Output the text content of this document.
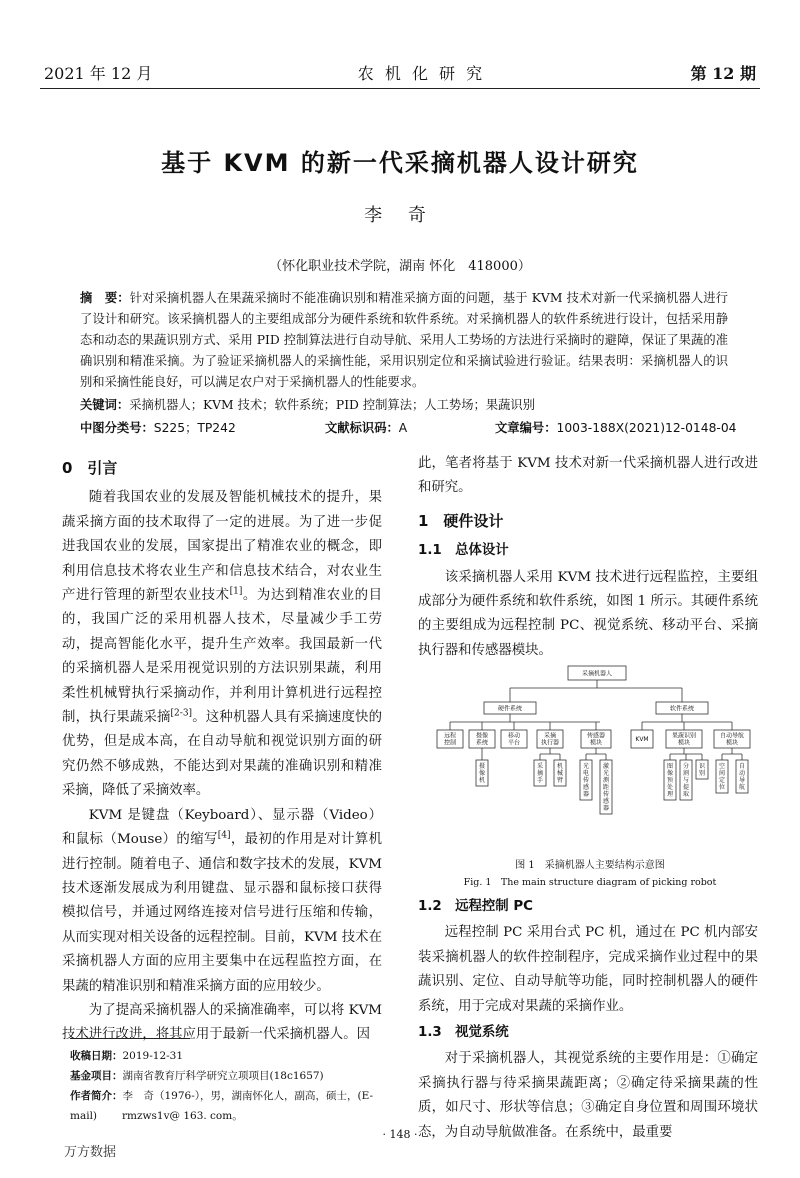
2021 年 12 月	农 机 化 研 究	第 12 期
基于 KVM 的新一代采摘机器人设计研究
李 奇
（怀化职业技术学院，湖南 怀化　418000）
摘　要：针对采摘机器人在果蔬采摘时不能准确识别和精准采摘方面的问题，基于 KVM 技术对新一代采摘机器人进行了设计和研究。该采摘机器人的主要组成部分为硬件系统和软件系统。对采摘机器人的软件系统进行设计，包括采用静态和动态的果蔬识别方式、采用 PID 控制算法进行自动导航、采用人工势场的方法进行采摘时的避障，保证了果蔬的准确识别和精准采摘。为了验证采摘机器人的采摘性能，采用识别定位和采摘试验进行验证。结果表明：采摘机器人的识别和采摘性能良好，可以满足农户对于采摘机器人的性能要求。
关键词：采摘机器人；KVM 技术；软件系统；PID 控制算法；人工势场；果蔬识别
中图分类号：S225；TP242	文献标识码：A	文章编号：1003-188X(2021)12-0148-04
0　引言

随着我国农业的发展及智能机械技术的提升，果蔬采摘方面的技术取得了一定的进展。为了进一步促进我国农业的发展，国家提出了精准农业的概念，即利用信息技术将农业生产和信息技术结合，对农业生产进行管理的新型农业技术[1]。为达到精准农业的目的，我国广泛的采用机器人技术，尽量减少手工劳动，提高智能化水平，提升生产效率。我国最新一代的采摘机器人是采用视觉识别的方法识别果蔬，利用柔性机械臂执行采摘动作，并利用计算机进行远程控制，执行果蔬采摘[2-3]。这种机器人具有采摘速度快的优势，但是成本高，在自动导航和视觉识别方面的研究仍然不够成熟，不能达到对果蔬的准确识别和精准采摘，降低了采摘效率。

KVM 是键盘（Keyboard）、显示器（Video）和鼠标（Mouse）的缩写[4]，最初的作用是对计算机进行控制。随着电子、通信和数字技术的发展，KVM 技术逐渐发展成为利用键盘、显示器和鼠标接口获得模拟信号，并通过网络连接对信号进行压缩和传输，从而实现对相关设备的远程控制。目前，KVM 技术在采摘机器人方面的应用主要集中在远程监控方面，在果蔬的精准识别和精准采摘方面的应用较少。

为了提高采摘机器人的采摘准确率，可以将 KVM 技术进行改进，将其应用于最新一代采摘机器人。因

此，笔者将基于 KVM 技术对新一代采摘机器人进行改进和研究。

1　硬件设计
1.1　总体设计

该采摘机器人采用 KVM 技术进行远程监控，主要组成部分为硬件系统和软件系统，如图 1 所示。其硬件系统的主要组成为远程控制 PC、视觉系统、移动平台、采摘执行器和传感器模块。

采摘机器人
硬件系统	软件系统
远程
控制
摄像
系统
移动
平台
采摘
执行器
传感器
模块	KVM	果蔬识别
模块
自动导航
模块
摄
像
机
采
摘
手
机
械
臂
光
电
传
感
器
激
光
测
距
传
感
器
图
像
预
处
理
分
割
与
提
取
识
别
空
间
定
位
自
动
导
航
图 1　采摘机器人主要结构示意图
Fig. 1　The main structure diagram of picking robot
1.2　远程控制 PC

远程控制 PC 采用台式 PC 机，通过在 PC 机内部安装采摘机器人的软件控制程序，完成采摘作业过程中的果蔬识别、定位、自动导航等功能，同时控制机器人的硬件系统，用于完成对果蔬的采摘作业。

1.3　视觉系统

对于采摘机器人，其视觉系统的主要作用是：①确定采摘执行器与待采摘果蔬距离；②确定待采摘果蔬的性质，如尺寸、形状等信息；③确定自身位置和周围环境状态，为自动导航做准备。在系统中，最重要

收稿日期：2019-12-31
基金项目：湖南省教育厅科学研究立项项目(18c1657)
作者简介：李　奇（1976-），男，湖南怀化人，副高，硕士，(E-mail)	rmzws1v@ 163. com。
· 148 ·
万方数据
